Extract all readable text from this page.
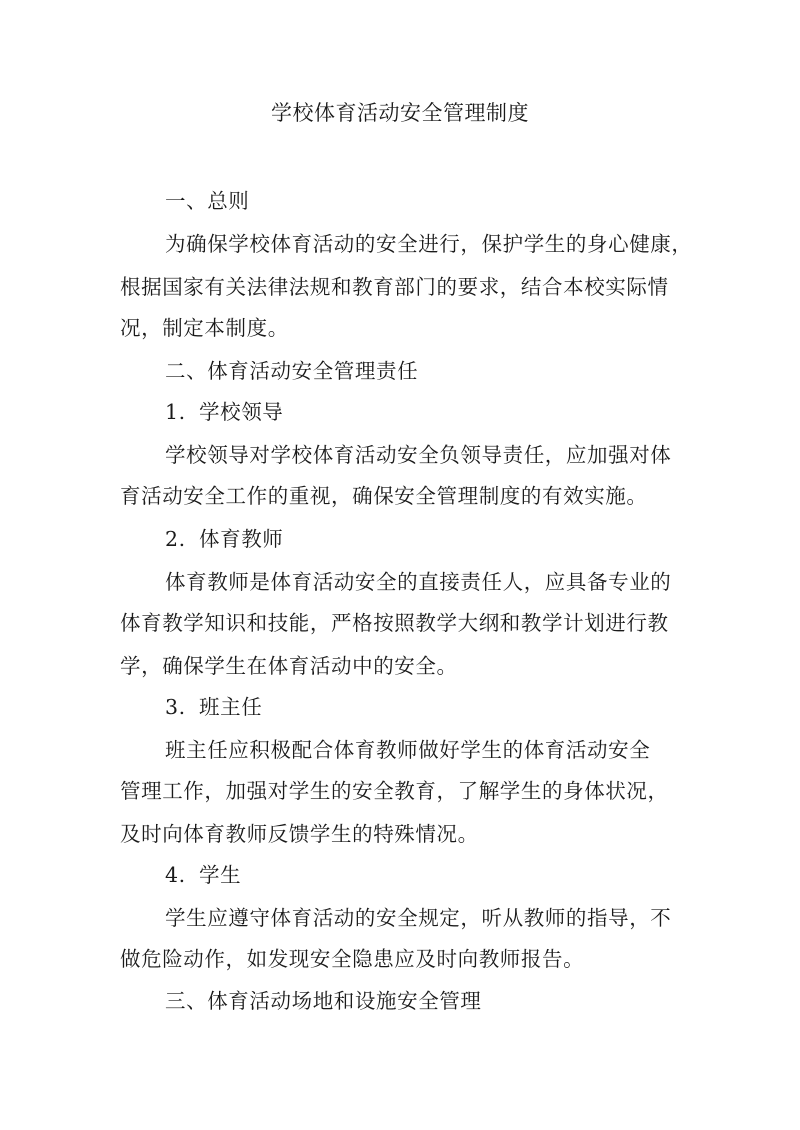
学校体育活动安全管理制度

一、总则

为确保学校体育活动的安全进行，保护学生的身心健康，

根据国家有关法律法规和教育部门的要求，结合本校实际情

况，制定本制度。

二、体育活动安全管理责任

1. 学校领导

学校领导对学校体育活动安全负领导责任，应加强对体

育活动安全工作的重视，确保安全管理制度的有效实施。

2. 体育教师

体育教师是体育活动安全的直接责任人，应具备专业的

体育教学知识和技能，严格按照教学大纲和教学计划进行教

学，确保学生在体育活动中的安全。

3. 班主任

班主任应积极配合体育教师做好学生的体育活动安全

管理工作，加强对学生的安全教育，了解学生的身体状况，

及时向体育教师反馈学生的特殊情况。

4. 学生

学生应遵守体育活动的安全规定，听从教师的指导，不

做危险动作，如发现安全隐患应及时向教师报告。

三、体育活动场地和设施安全管理
